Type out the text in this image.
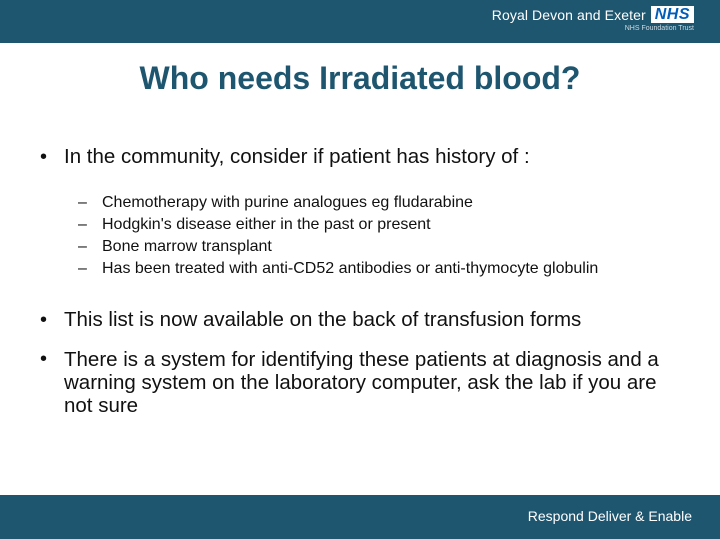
Royal Devon and Exeter NHS
NHS Foundation Trust
Who needs Irradiated blood?
• In the community, consider if patient has history of :
– Chemotherapy with purine analogues eg fludarabine
– Hodgkin's disease either in the past or present
– Bone marrow transplant
– Has been treated with anti-CD52 antibodies or anti-thymocyte globulin
• This list is now available on the back of transfusion forms
• There is a system for identifying these patients at diagnosis and a warning system on the laboratory computer, ask the lab if you are not sure
Respond Deliver & Enable
